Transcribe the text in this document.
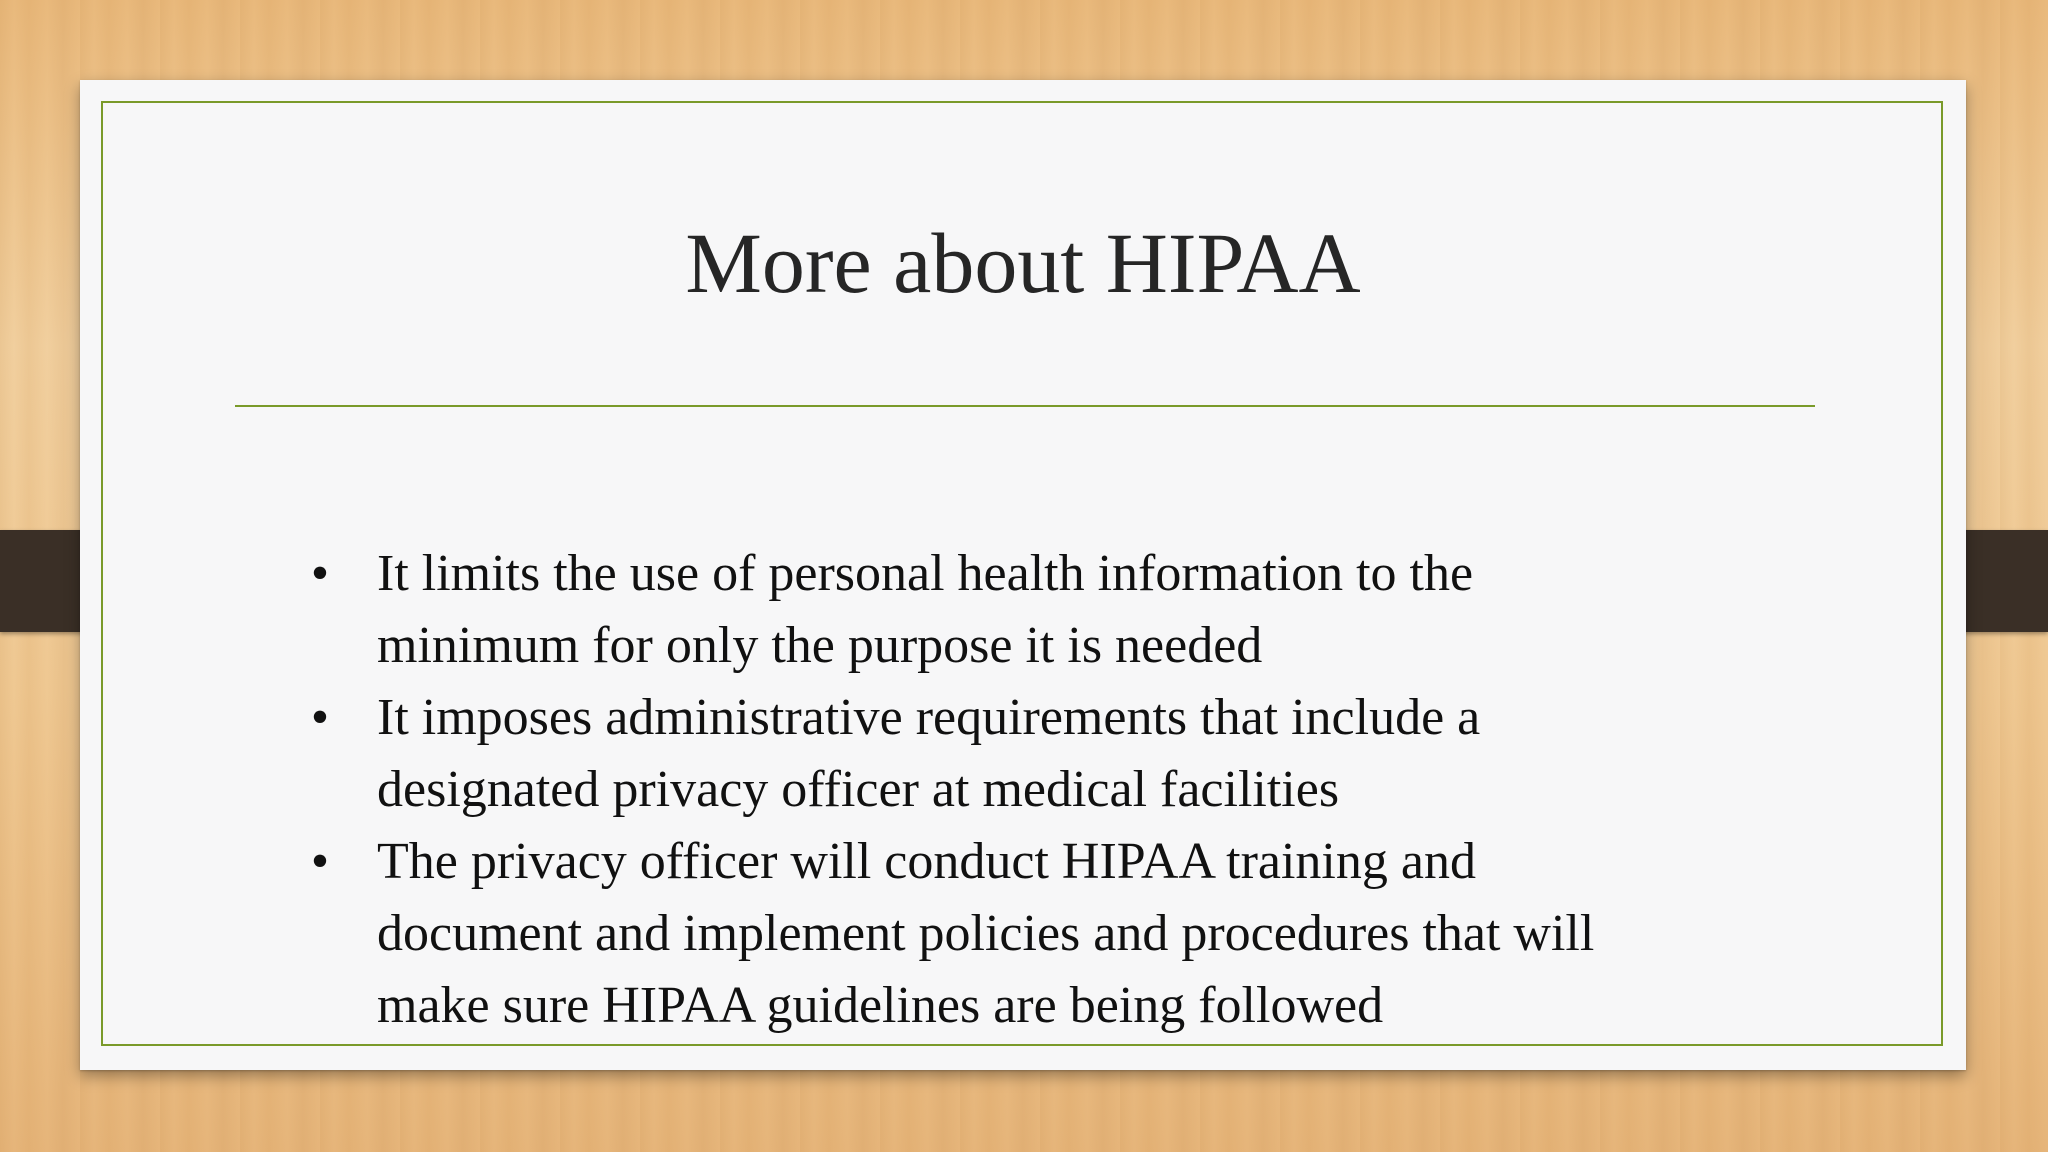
More about HIPAA
• It limits the use of personal health information to the
minimum for only the purpose it is needed
• It imposes administrative requirements that include a
designated privacy officer at medical facilities
• The privacy officer will conduct HIPAA training and
document and implement policies and procedures that will
make sure HIPAA guidelines are being followed
